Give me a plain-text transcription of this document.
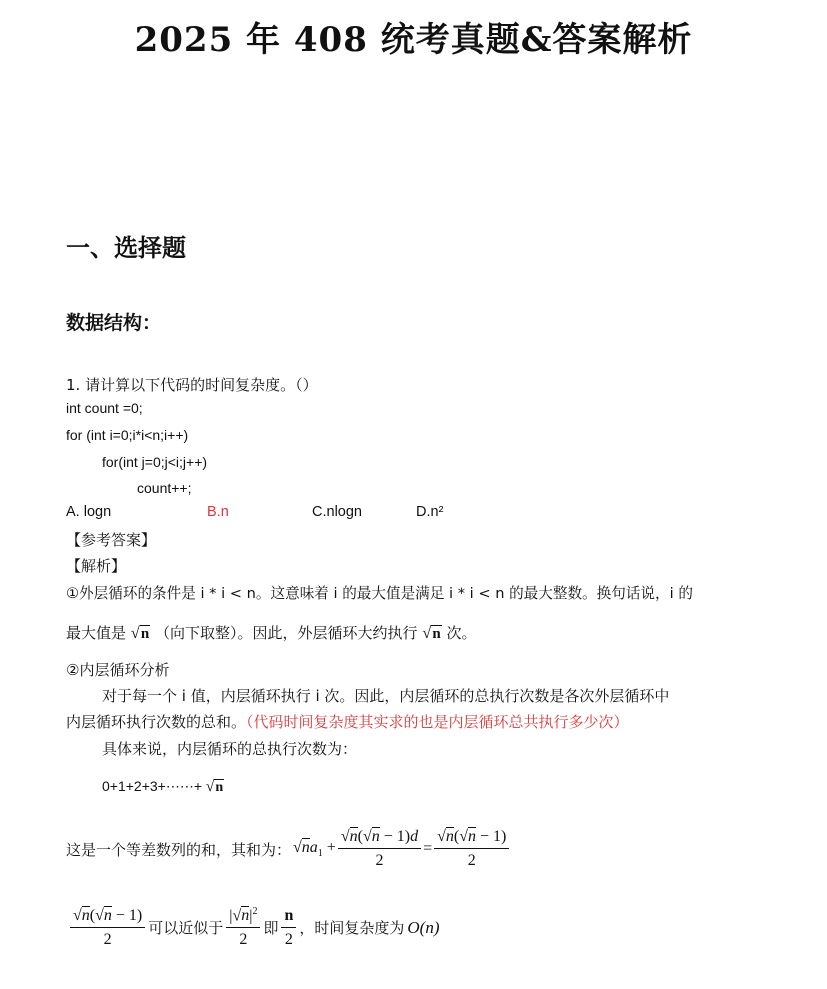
2025 年 408 统考真题&答案解析
一、选择题
数据结构：
1. 请计算以下代码的时间复杂度。（）
int count =0;
for (int i=0;i*i<n;i++)
for(int j=0;j<i;j++)
count++;
A. logn	B.n	C.nlogn	D.n²
【参考答案】
【解析】
①外层循环的条件是 i * i < n。这意味着 i 的最大值是满足 i * i < n 的最大整数。换句话说，i 的
最大值是 √n （向下取整）。因此，外层循环大约执行 √n 次。
②内层循环分析
对于每一个 i 值，内层循环执行 i 次。因此，内层循环的总执行次数是各次外层循环中
内层循环执行次数的总和。（代码时间复杂度其实求的也是内层循环总共执行多少次）
具体来说，内层循环的总执行次数为：
0+1+2+3+⋯⋯+ √n
这是一个等差数列的和，其和为： $√na_1 + \frac{√n(√n - 1)d}{2} = \frac{√n(√n - 1)}{2}$
$\frac{√n(√n - 1)}{2}$ 可以近似于 $\frac{|√n|^2}{2}$ 即 $\frac{n}{2}$ ，时间复杂度为 O(n)
